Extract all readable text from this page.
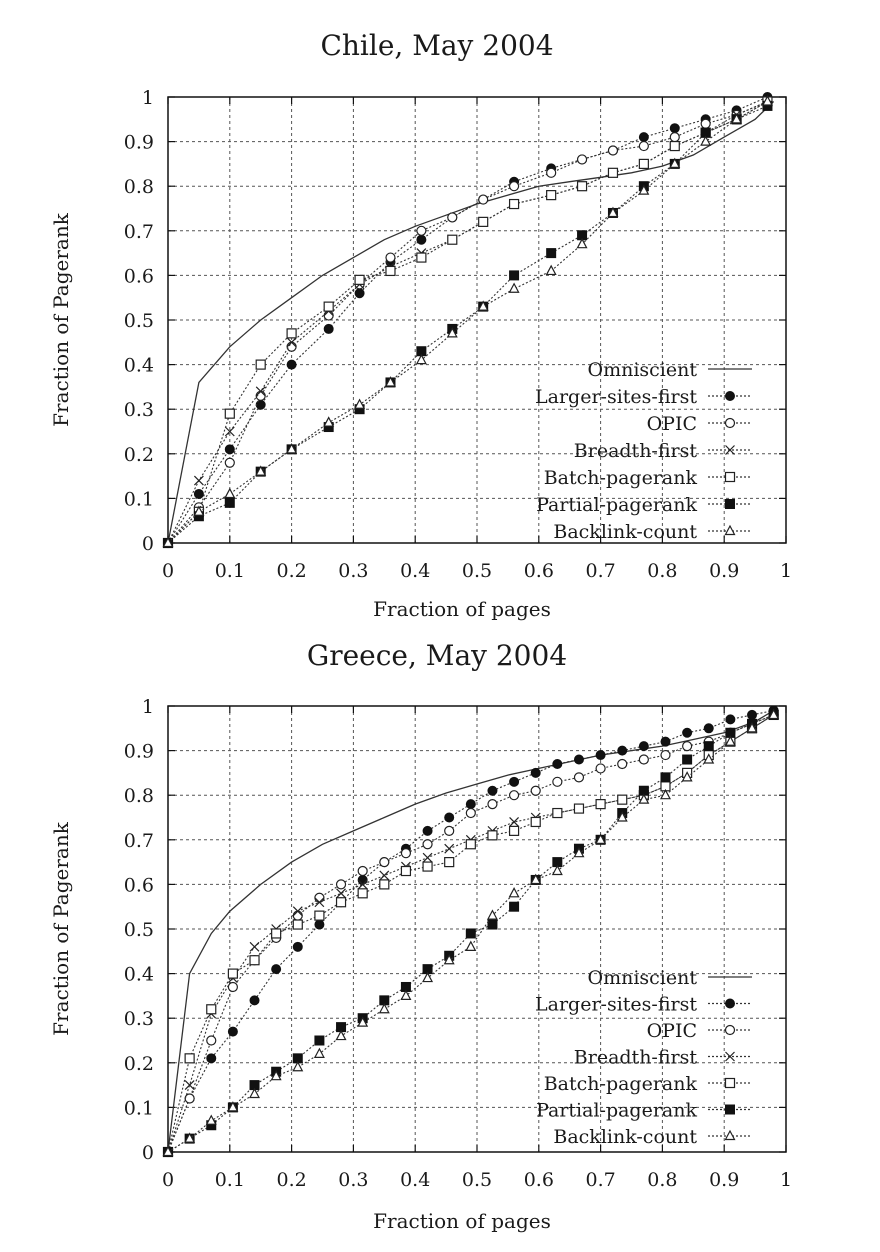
Chile, May 2004
0 0.1 0.2 0.3 0.4 0.5 0.6 0.7 0.8 0.9 1
0
0.1
0.2
0.3
0.4
0.5
0.6
0.7
0.8
0.9
1
Fraction of pages
Fraction of Pagerank	Omniscient
Larger-sites-first
OPIC
Breadth-first
Batch-pagerank
Partial-pagerank
Backlink-count
Greece, May 2004
0 0.1 0.2 0.3 0.4 0.5 0.6 0.7 0.8 0.9 1
0
0.1
0.2
0.3
0.4
0.5
0.6
0.7
0.8
0.9
1
Fraction of pages
Fraction of Pagerank	Omniscient
Larger-sites-first
OPIC
Breadth-first
Batch-pagerank
Partial-pagerank
Backlink-count
